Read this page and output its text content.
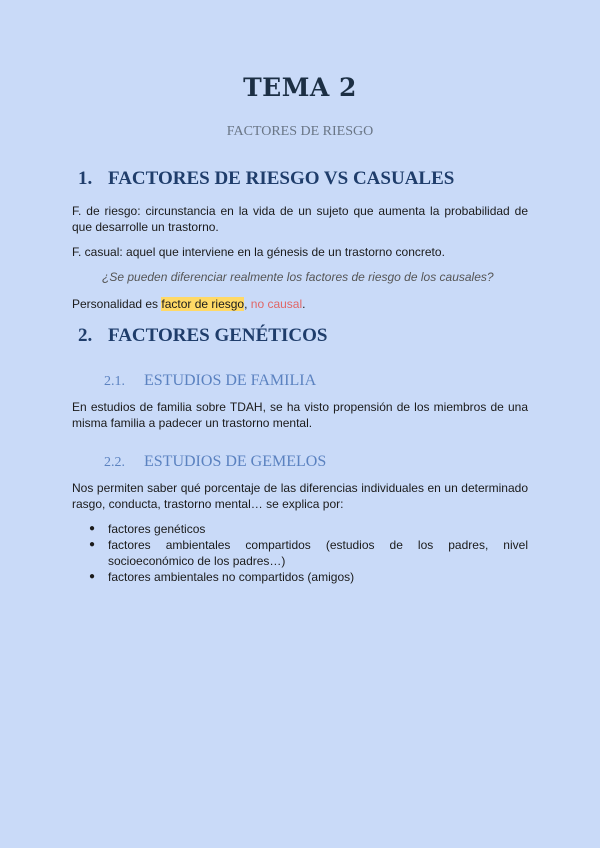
TEMA 2
FACTORES DE RIESGO
1. FACTORES DE RIESGO VS CASUALES
F. de riesgo: circunstancia en la vida de un sujeto que aumenta la probabilidad de que desarrolle un trastorno.
F. casual: aquel que interviene en la génesis de un trastorno concreto.
¿Se pueden diferenciar realmente los factores de riesgo de los causales?
Personalidad es factor de riesgo, no causal.
2. FACTORES GENÉTICOS
2.1. ESTUDIOS DE FAMILIA
En estudios de familia sobre TDAH, se ha visto propensión de los miembros de una misma familia a padecer un trastorno mental.
2.2. ESTUDIOS DE GEMELOS
Nos permiten saber qué porcentaje de las diferencias individuales en un determinado rasgo, conducta, trastorno mental… se explica por:
● factores genéticos
● factores ambientales compartidos (estudios de los padres, nivel socioeconómico de los padres…)
● factores ambientales no compartidos (amigos)
